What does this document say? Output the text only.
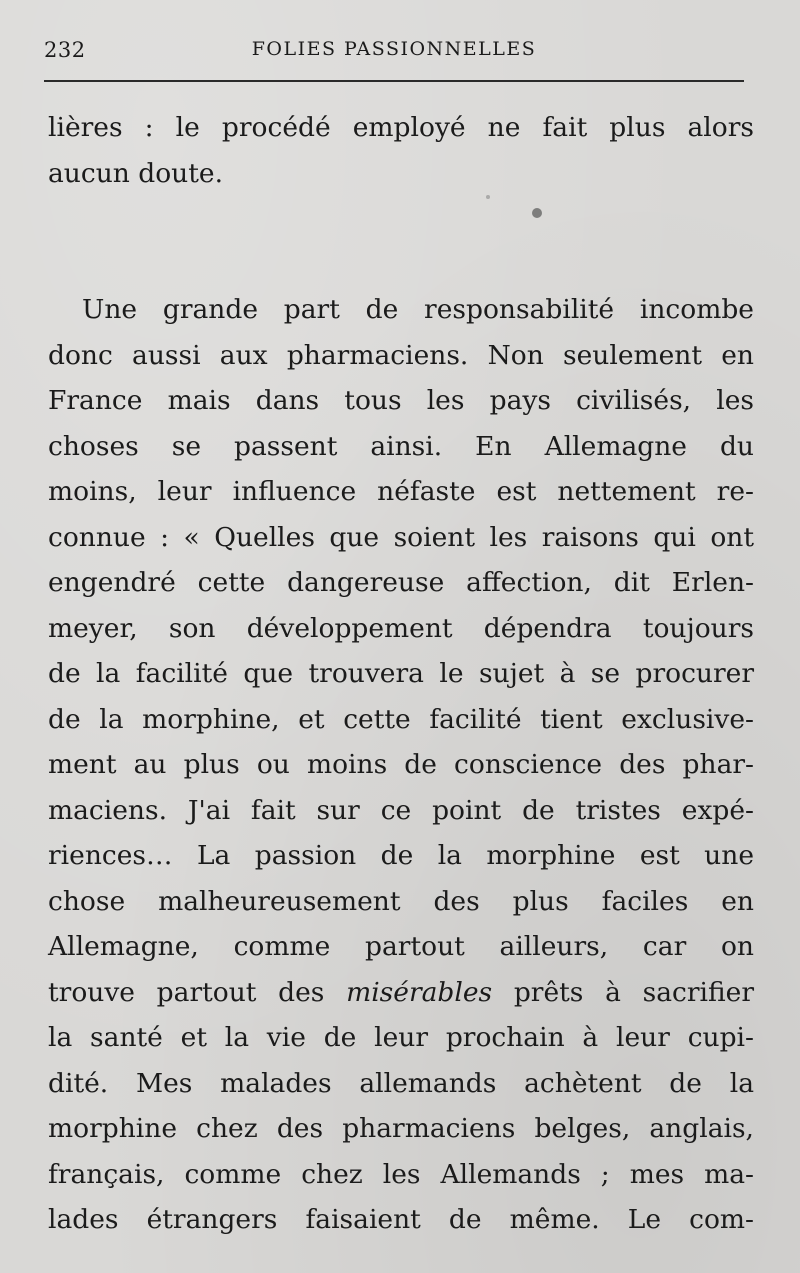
232	FOLIES PASSIONNELLES
lières : le procédé employé ne fait plus alors
aucun doute.
Une grande part de responsabilité incombe
donc aussi aux pharmaciens. Non seulement en
France mais dans tous les pays civilisés, les
choses se passent ainsi. En Allemagne du
moins, leur influence néfaste est nettement re-
connue : « Quelles que soient les raisons qui ont
engendré cette dangereuse affection, dit Erlen-
meyer, son développement dépendra toujours
de la facilité que trouvera le sujet à se procurer
de la morphine, et cette facilité tient exclusive-
ment au plus ou moins de conscience des phar-
maciens. J'ai fait sur ce point de tristes expé-
riences… La passion de la morphine est une
chose malheureusement des plus faciles en
Allemagne, comme partout ailleurs, car on
trouve partout des misérables prêts à sacrifier
la santé et la vie de leur prochain à leur cupi-
dité. Mes malades allemands achètent de la
morphine chez des pharmaciens belges, anglais,
français, comme chez les Allemands ; mes ma-
lades étrangers faisaient de même. Le com-
